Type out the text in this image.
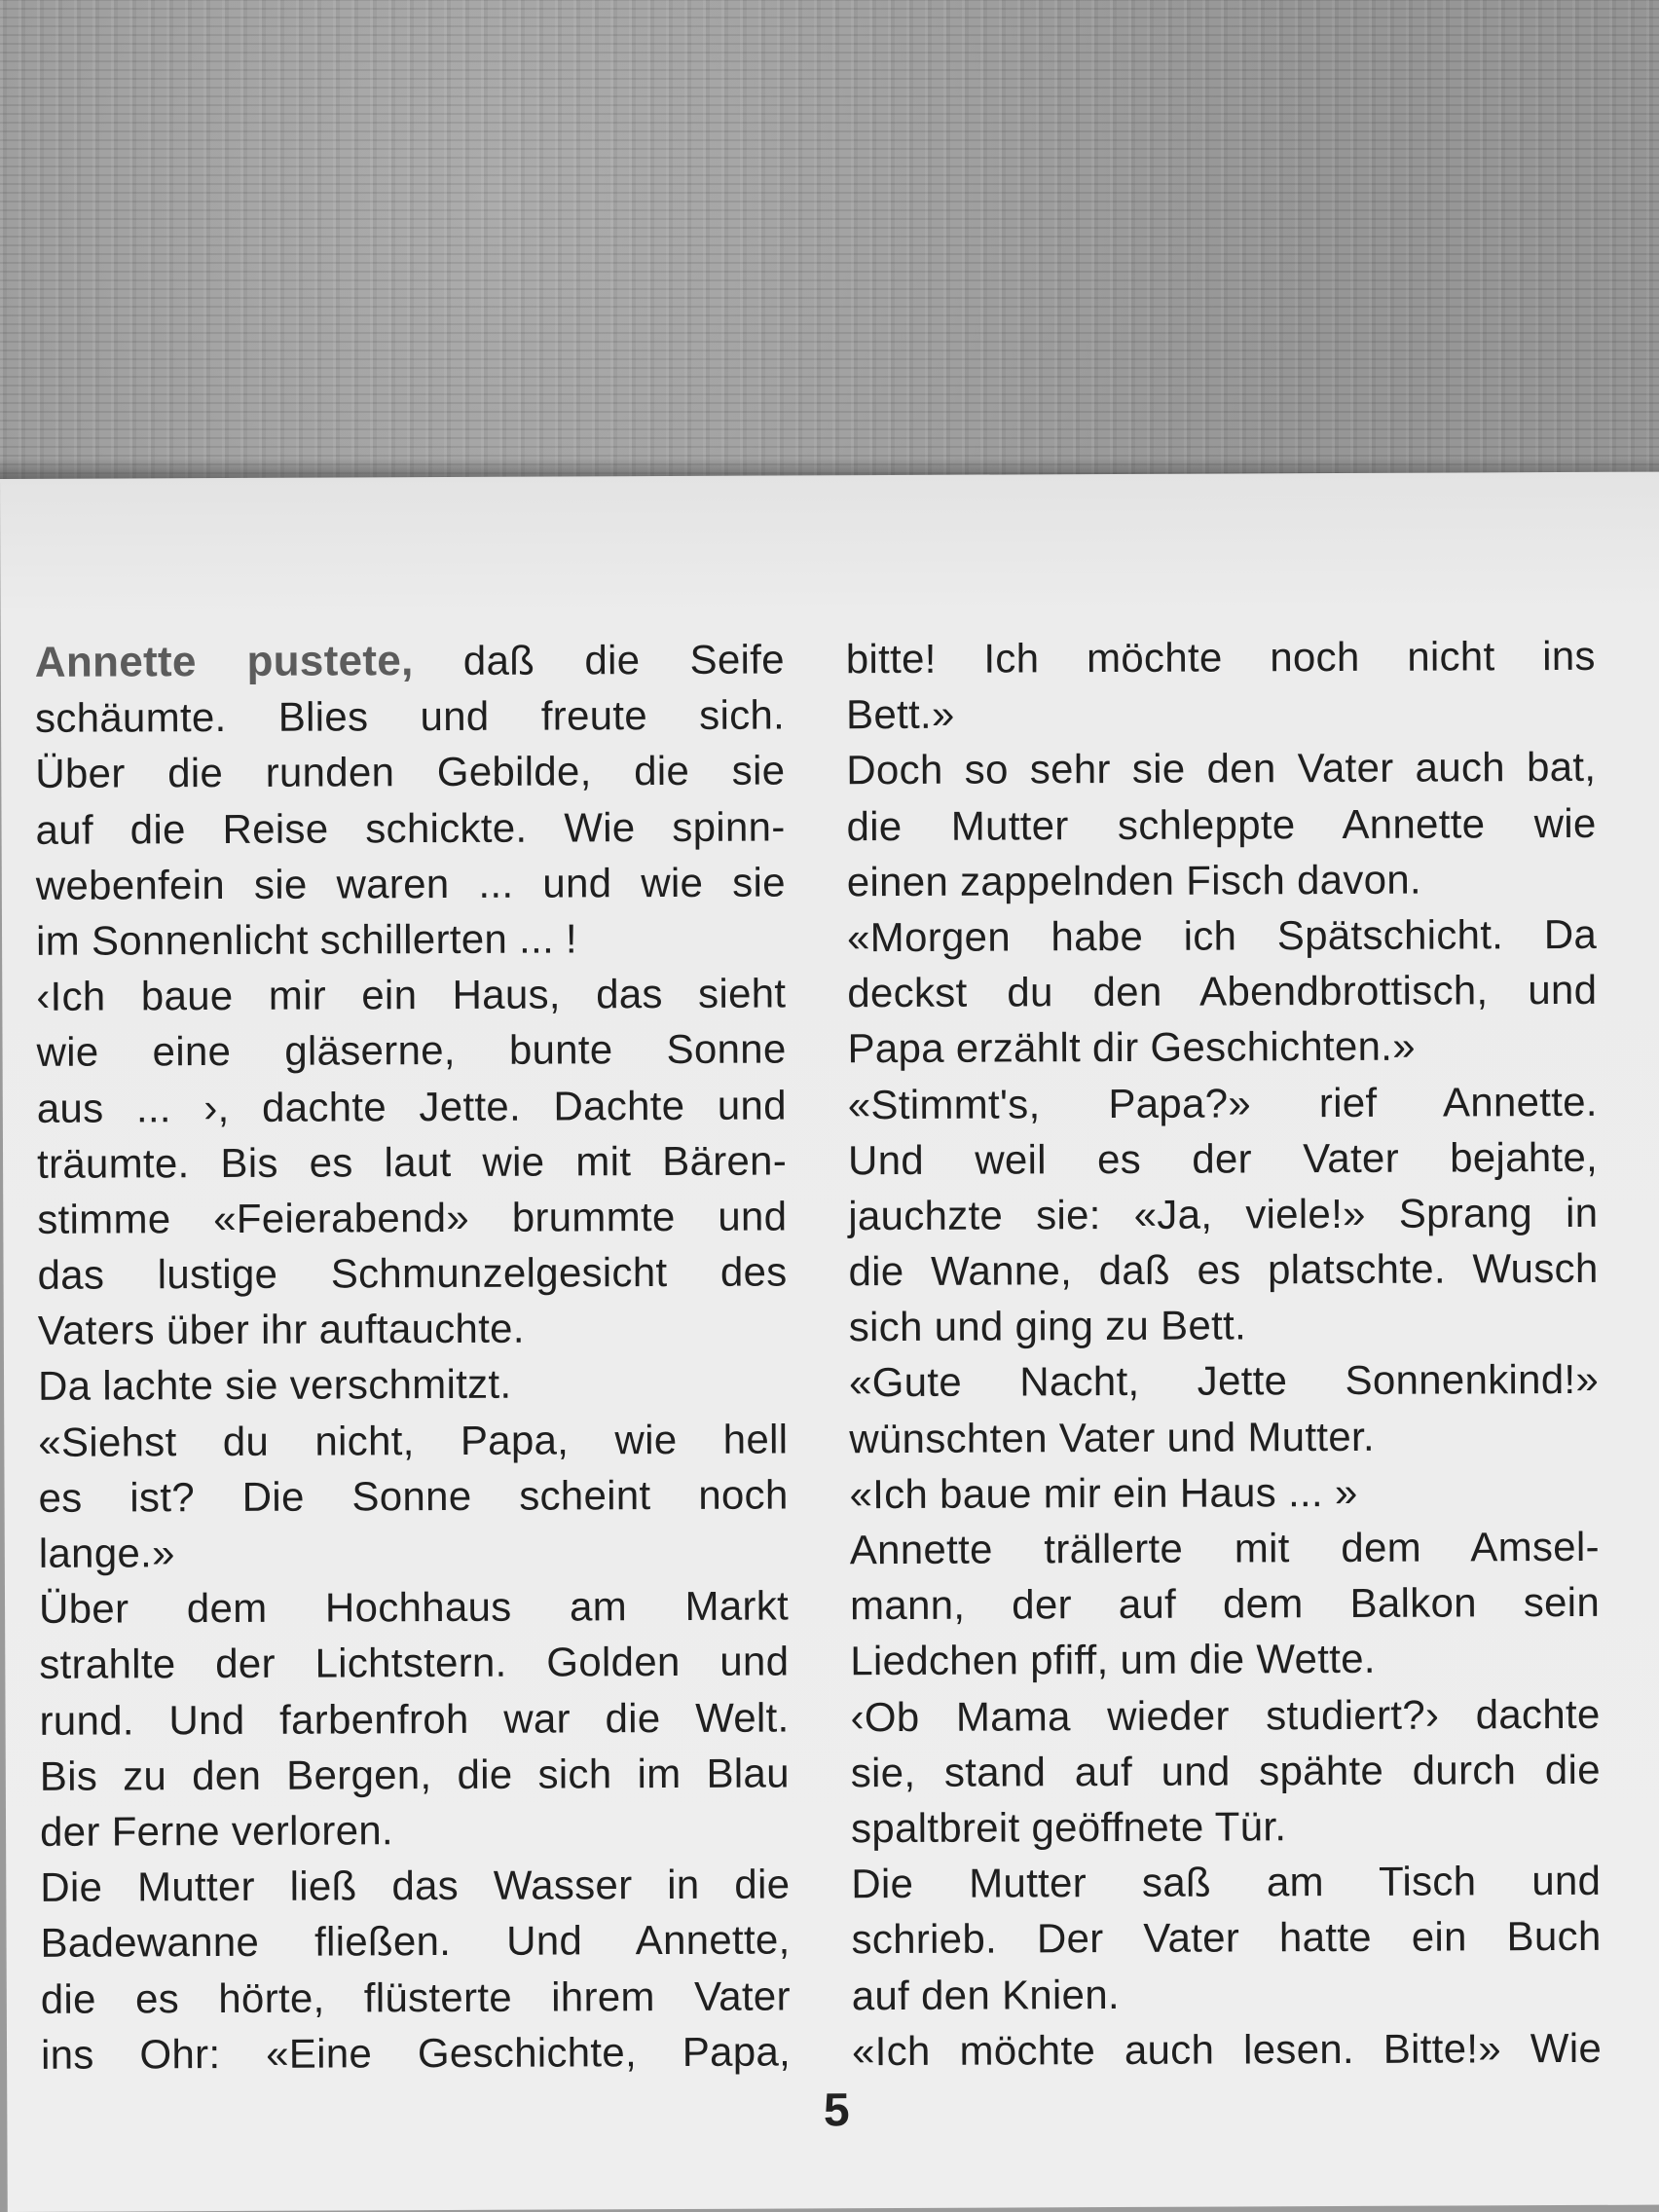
Annette pustete, daß die Seife
schäumte. Blies und freute sich.
Über die runden Gebilde, die sie
auf die Reise schickte. Wie spinn-
webenfein sie waren ... und wie sie
im Sonnenlicht schillerten ... !
‹Ich baue mir ein Haus, das sieht
wie eine gläserne, bunte Sonne
aus ... ›, dachte Jette. Dachte und
träumte. Bis es laut wie mit Bären-
stimme «Feierabend» brummte und
das lustige Schmunzelgesicht des
Vaters über ihr auftauchte.
Da lachte sie verschmitzt.
«Siehst du nicht, Papa, wie hell
es ist? Die Sonne scheint noch
lange.»
Über dem Hochhaus am Markt
strahlte der Lichtstern. Golden und
rund. Und farbenfroh war die Welt.
Bis zu den Bergen, die sich im Blau
der Ferne verloren.
Die Mutter ließ das Wasser in die
Badewanne fließen. Und Annette,
die es hörte, flüsterte ihrem Vater
ins Ohr: «Eine Geschichte, Papa,
bitte! Ich möchte noch nicht ins
Bett.»
Doch so sehr sie den Vater auch bat,
die Mutter schleppte Annette wie
einen zappelnden Fisch davon.
«Morgen habe ich Spätschicht. Da
deckst du den Abendbrottisch, und
Papa erzählt dir Geschichten.»
«Stimmt's, Papa?» rief Annette.
Und weil es der Vater bejahte,
jauchzte sie: «Ja, viele!» Sprang in
die Wanne, daß es platschte. Wusch
sich und ging zu Bett.
«Gute Nacht, Jette Sonnenkind!»
wünschten Vater und Mutter.
«Ich baue mir ein Haus ... »
Annette trällerte mit dem Amsel-
mann, der auf dem Balkon sein
Liedchen pfiff, um die Wette.
‹Ob Mama wieder studiert?› dachte
sie, stand auf und spähte durch die
spaltbreit geöffnete Tür.
Die Mutter saß am Tisch und
schrieb. Der Vater hatte ein Buch
auf den Knien.
«Ich möchte auch lesen. Bitte!» Wie
5
